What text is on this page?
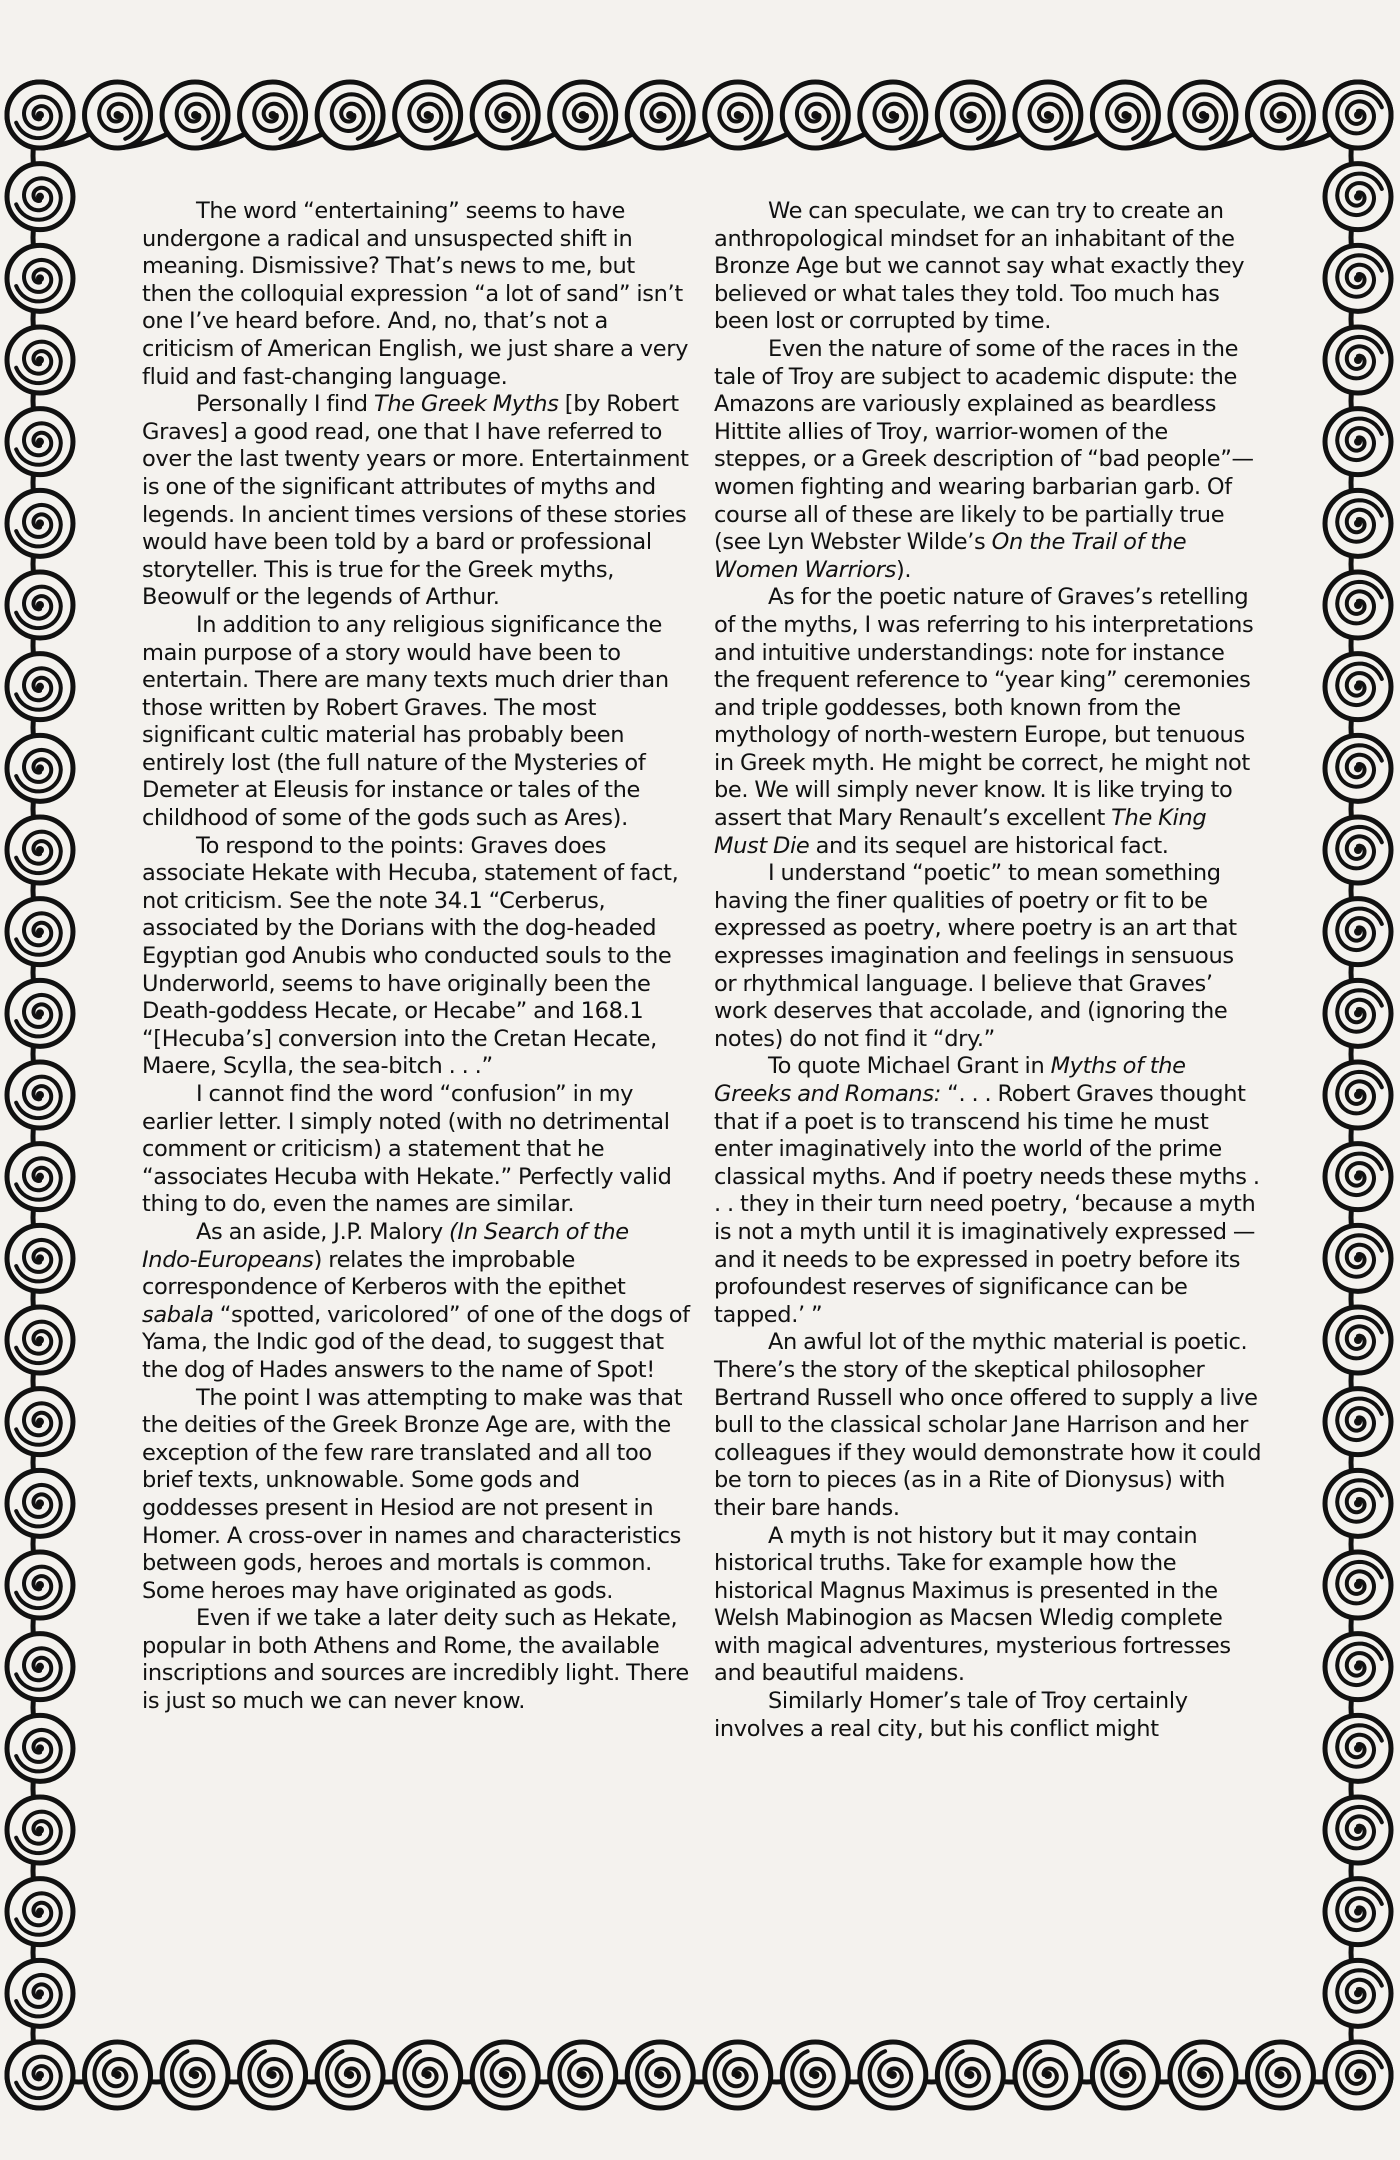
The word “entertaining” seems to have undergone a radical and unsuspected shift in meaning. Dismissive? That’s news to me, but then the colloquial expression “a lot of sand” isn’t one I’ve heard before. And, no, that’s not a criticism of American English, we just share a very fluid and fast-changing language.

Personally I find The Greek Myths [by Robert Graves] a good read, one that I have referred to over the last twenty years or more. Entertainment is one of the significant attributes of myths and legends. In ancient times versions of these stories would have been told by a bard or professional storyteller. This is true for the Greek myths, Beowulf or the legends of Arthur.

In addition to any religious significance the main purpose of a story would have been to entertain. There are many texts much drier than those written by Robert Graves. The most significant cultic material has probably been entirely lost (the full nature of the Mysteries of Demeter at Eleusis for instance or tales of the childhood of some of the gods such as Ares).

To respond to the points: Graves does associate Hekate with Hecuba, statement of fact, not criticism. See the note 34.1 “Cerberus, associated by the Dorians with the dog-headed Egyptian god Anubis who conducted souls to the Underworld, seems to have originally been the Death-goddess Hecate, or Hecabe” and 168.1 “[Hecuba’s] conversion into the Cretan Hecate, Maere, Scylla, the sea-bitch . . .”

I cannot find the word “confusion” in my earlier letter. I simply noted (with no detrimental comment or criticism) a statement that he “associates Hecuba with Hekate.” Perfectly valid thing to do, even the names are similar.

As an aside, J.P. Malory (In Search of the Indo-Europeans) relates the improbable correspondence of Kerberos with the epithet sabala “spotted, varicolored” of one of the dogs of Yama, the Indic god of the dead, to suggest that the dog of Hades answers to the name of Spot!

The point I was attempting to make was that the deities of the Greek Bronze Age are, with the exception of the few rare translated and all too brief texts, unknowable. Some gods and goddesses present in Hesiod are not present in Homer. A cross-over in names and characteristics between gods, heroes and mortals is common. Some heroes may have originated as gods.

Even if we take a later deity such as Hekate, popular in both Athens and Rome, the available inscriptions and sources are incredibly light. There is just so much we can never know.

We can speculate, we can try to create an anthropological mindset for an inhabitant of the Bronze Age but we cannot say what exactly they believed or what tales they told. Too much has been lost or corrupted by time.

Even the nature of some of the races in the tale of Troy are subject to academic dispute: the Amazons are variously explained as beardless Hittite allies of Troy, warrior-women of the steppes, or a Greek description of “bad people”—women fighting and wearing barbarian garb. Of course all of these are likely to be partially true (see Lyn Webster Wilde’s On the Trail of the Women Warriors).

As for the poetic nature of Graves’s retelling of the myths, I was referring to his interpretations and intuitive understandings: note for instance the frequent reference to “year king” ceremonies and triple goddesses, both known from the mythology of north-western Europe, but tenuous in Greek myth. He might be correct, he might not be. We will simply never know. It is like trying to assert that Mary Renault’s excellent The King Must Die and its sequel are historical fact.

I understand “poetic” to mean something having the finer qualities of poetry or fit to be expressed as poetry, where poetry is an art that expresses imagination and feelings in sensuous or rhythmical language. I believe that Graves’ work deserves that accolade, and (ignoring the notes) do not find it “dry.”

To quote Michael Grant in Myths of the Greeks and Romans: “. . . Robert Graves thought that if a poet is to transcend his time he must enter imaginatively into the world of the prime classical myths. And if poetry needs these myths . . . they in their turn need poetry, ‘because a myth is not a myth until it is imaginatively expressed —and it needs to be expressed in poetry before its profoundest reserves of significance can be tapped.’ ”

An awful lot of the mythic material is poetic. There’s the story of the skeptical philosopher Bertrand Russell who once offered to supply a live bull to the classical scholar Jane Harrison and her colleagues if they would demonstrate how it could be torn to pieces (as in a Rite of Dionysus) with their bare hands.

A myth is not history but it may contain historical truths. Take for example how the historical Magnus Maximus is presented in the Welsh Mabinogion as Macsen Wledig complete with magical adventures, mysterious fortresses and beautiful maidens.

Similarly Homer’s tale of Troy certainly involves a real city, but his conflict might
